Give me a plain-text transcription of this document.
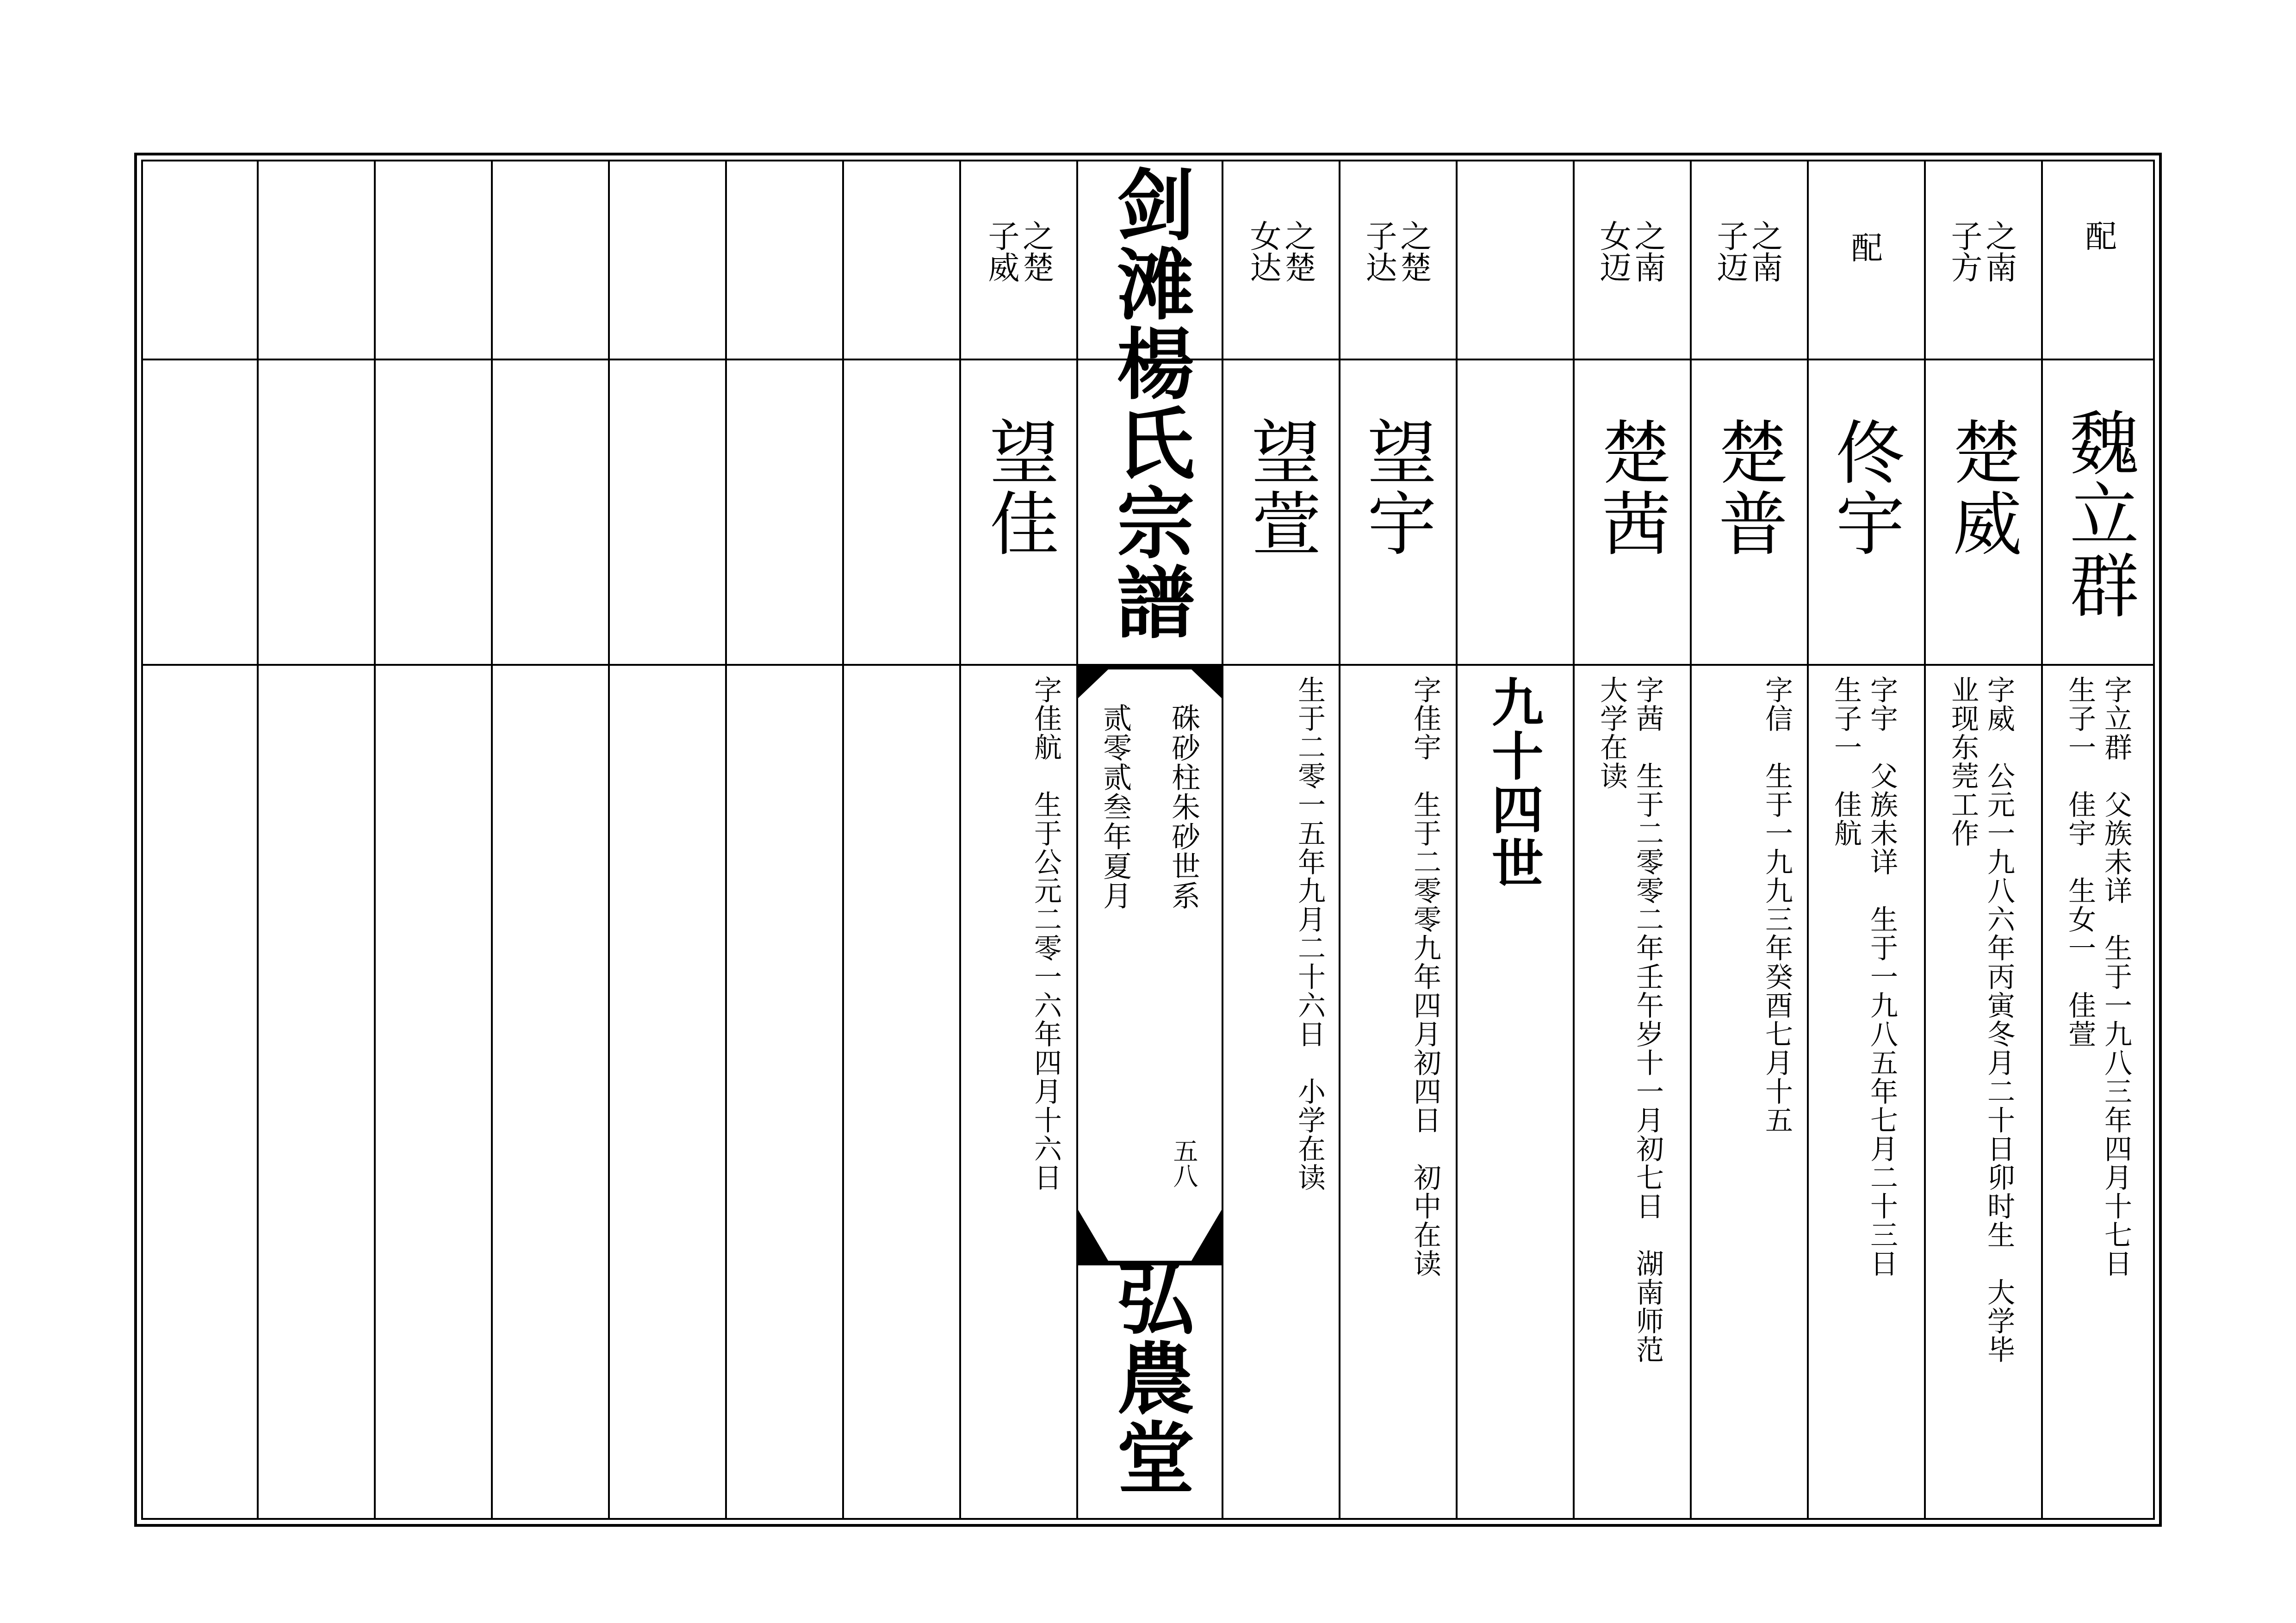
剑滩楊氏宗譜
硃砂柱朱砂世系
贰零贰叁年夏月
五八
弘農堂
配
魏立群
字立群　父族未详　生于一九八三年四月十七日
生子一　佳宇　生女一　佳萱
之南
子方
楚威
字威　公元一九八六年丙寅冬月二十日卯时生　大学毕
业现东莞工作
配
佟宇
字宇　父族未详　生于一九八五年七月二十三日
生子一　佳航
之南
子迈
楚普
字信　生于一九九三年癸酉七月十五
之南
女迈
楚茜
字茜　生于二零零二年壬午岁十一月初七日　湖南师范
大学在读
九十四世
之楚
子达
望宇
字佳宇　生于二零零九年四月初四日　初中在读
之楚
女达
望萱
生于二零一五年九月二十六日　小学在读
之楚
子威
望佳
字佳航　生于公元二零一六年四月十六日
